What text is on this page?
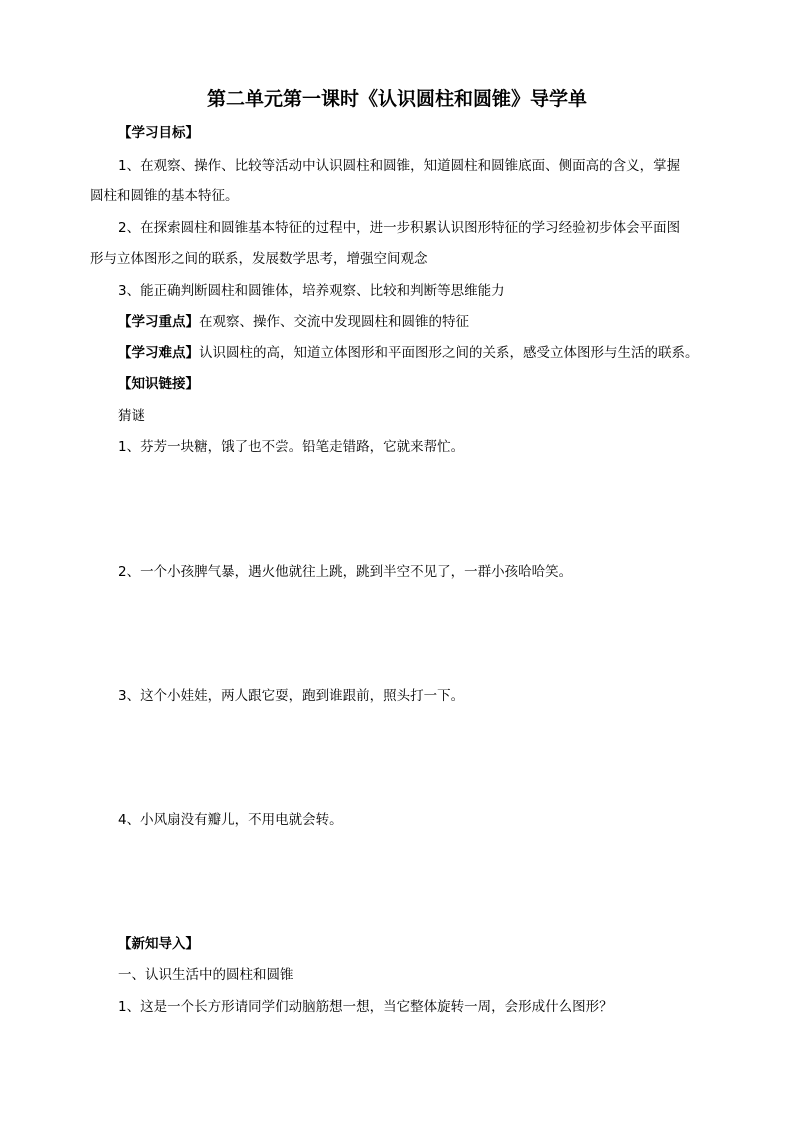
第二单元第一课时《认识圆柱和圆锥》导学单
【学习目标】
1、在观察、操作、比较等活动中认识圆柱和圆锥，知道圆柱和圆锥底面、侧面高的含义，掌握
圆柱和圆锥的基本特征。
2、在探索圆柱和圆锥基本特征的过程中，进一步积累认识图形特征的学习经验初步体会平面图
形与立体图形之间的联系，发展数学思考，增强空间观念
3、能正确判断圆柱和圆锥体，培养观察、比较和判断等思维能力
【学习重点】在观察、操作、交流中发现圆柱和圆锥的特征
【学习难点】认识圆柱的高，知道立体图形和平面图形之间的关系，感受立体图形与生活的联系。
【知识链接】
猜谜
1、芬芳一块糖，饿了也不尝。铅笔走错路，它就来帮忙。
2、一个小孩脾气暴，遇火他就往上跳，跳到半空不见了，一群小孩哈哈笑。
3、这个小娃娃，两人跟它耍，跑到谁跟前，照头打一下。
4、小风扇没有瓣儿，不用电就会转。
【新知导入】
一、认识生活中的圆柱和圆锥
1、这是一个长方形请同学们动脑筋想一想，当它整体旋转一周，会形成什么图形？
